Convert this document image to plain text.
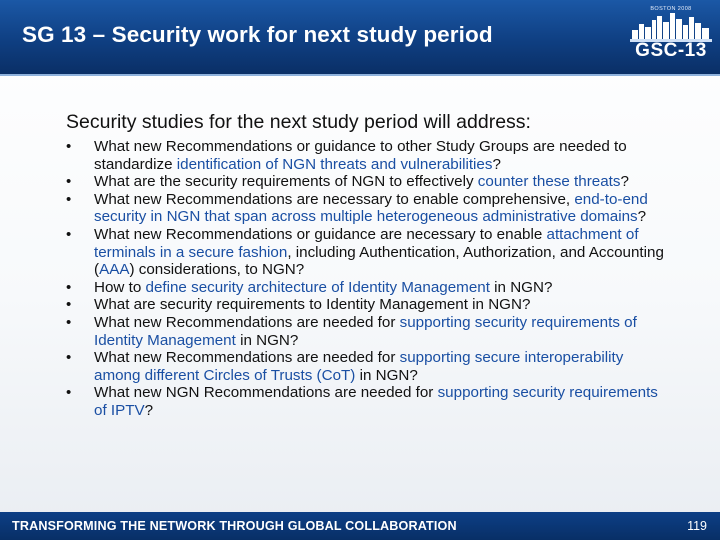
SG 13 – Security work for next study period
BOSTON 2008
GSC-13
Security studies for the next study period will address:
•	What new Recommendations or guidance to other Study Groups are needed to standardize identification of NGN threats and vulnerabilities?
•	What are the security requirements of NGN to effectively counter these threats?
•	What new Recommendations are necessary to enable comprehensive, end-to-end security in NGN that span across multiple heterogeneous administrative domains?
•	What new Recommendations or guidance are necessary to enable attachment of terminals in a secure fashion, including Authentication, Authorization, and Accounting (AAA) considerations, to NGN?
•	How to define security architecture of Identity Management in NGN?
•	What are security requirements to Identity Management in NGN?
•	What new Recommendations are needed for supporting security requirements of Identity Management in NGN?
•	What new Recommendations are needed for supporting secure interoperability among different Circles of Trusts (CoT) in NGN?
•	What new NGN Recommendations are needed for supporting security requirements of IPTV?
TRANSFORMING THE NETWORK THROUGH GLOBAL COLLABORATION	119
